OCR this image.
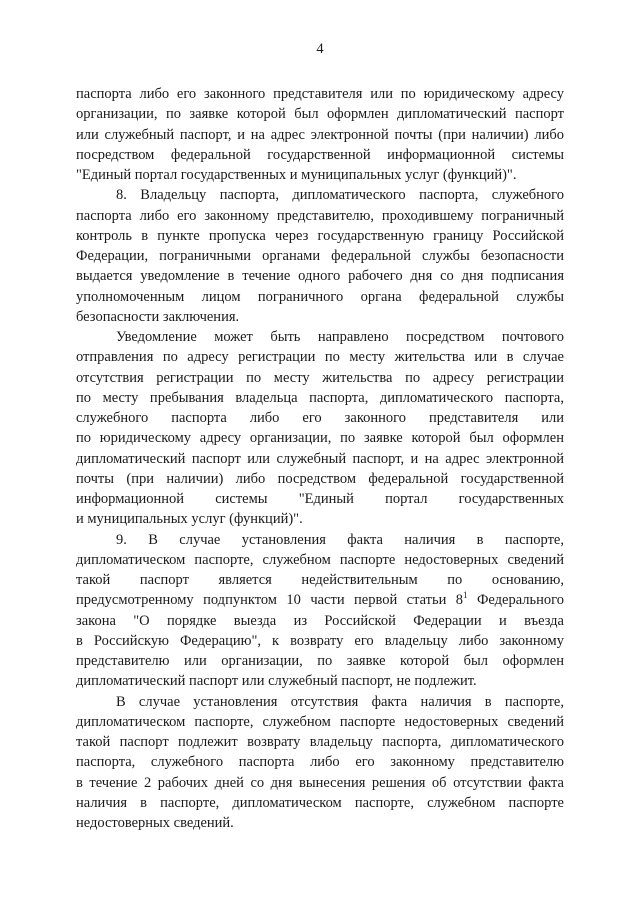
4

паспорта либо его законного представителя или по юридическому адресу
организации, по заявке которой был оформлен дипломатический паспорт
или служебный паспорт, и на адрес электронной почты (при наличии) либо
посредством федеральной государственной информационной системы
"Единый портал государственных и муниципальных услуг (функций)".

8. Владельцу паспорта, дипломатического паспорта, служебного
паспорта либо его законному представителю, проходившему пограничный
контроль в пункте пропуска через государственную границу Российской
Федерации, пограничными органами федеральной службы безопасности
выдается уведомление в течение одного рабочего дня со дня подписания
уполномоченным лицом пограничного органа федеральной службы
безопасности заключения.

Уведомление может быть направлено посредством почтового
отправления по адресу регистрации по месту жительства или в случае
отсутствия регистрации по месту жительства по адресу регистрации
по месту пребывания владельца паспорта, дипломатического паспорта,
служебного паспорта либо его законного представителя или
по юридическому адресу организации, по заявке которой был оформлен
дипломатический паспорт или служебный паспорт, и на адрес электронной
почты (при наличии) либо посредством федеральной государственной
информационной системы "Единый портал государственных
и муниципальных услуг (функций)".

9. В случае установления факта наличия в паспорте,
дипломатическом паспорте, служебном паспорте недостоверных сведений
такой паспорт является недействительным по основанию,
предусмотренному подпунктом 10 части первой статьи $8^1$ Федерального
закона "О порядке выезда из Российской Федерации и въезда
в Российскую Федерацию", к возврату его владельцу либо законному
представителю или организации, по заявке которой был оформлен
дипломатический паспорт или служебный паспорт, не подлежит.

В случае установления отсутствия факта наличия в паспорте,
дипломатическом паспорте, служебном паспорте недостоверных сведений
такой паспорт подлежит возврату владельцу паспорта, дипломатического
паспорта, служебного паспорта либо его законному представителю
в течение 2 рабочих дней со дня вынесения решения об отсутствии факта
наличия в паспорте, дипломатическом паспорте, служебном паспорте
недостоверных сведений.
